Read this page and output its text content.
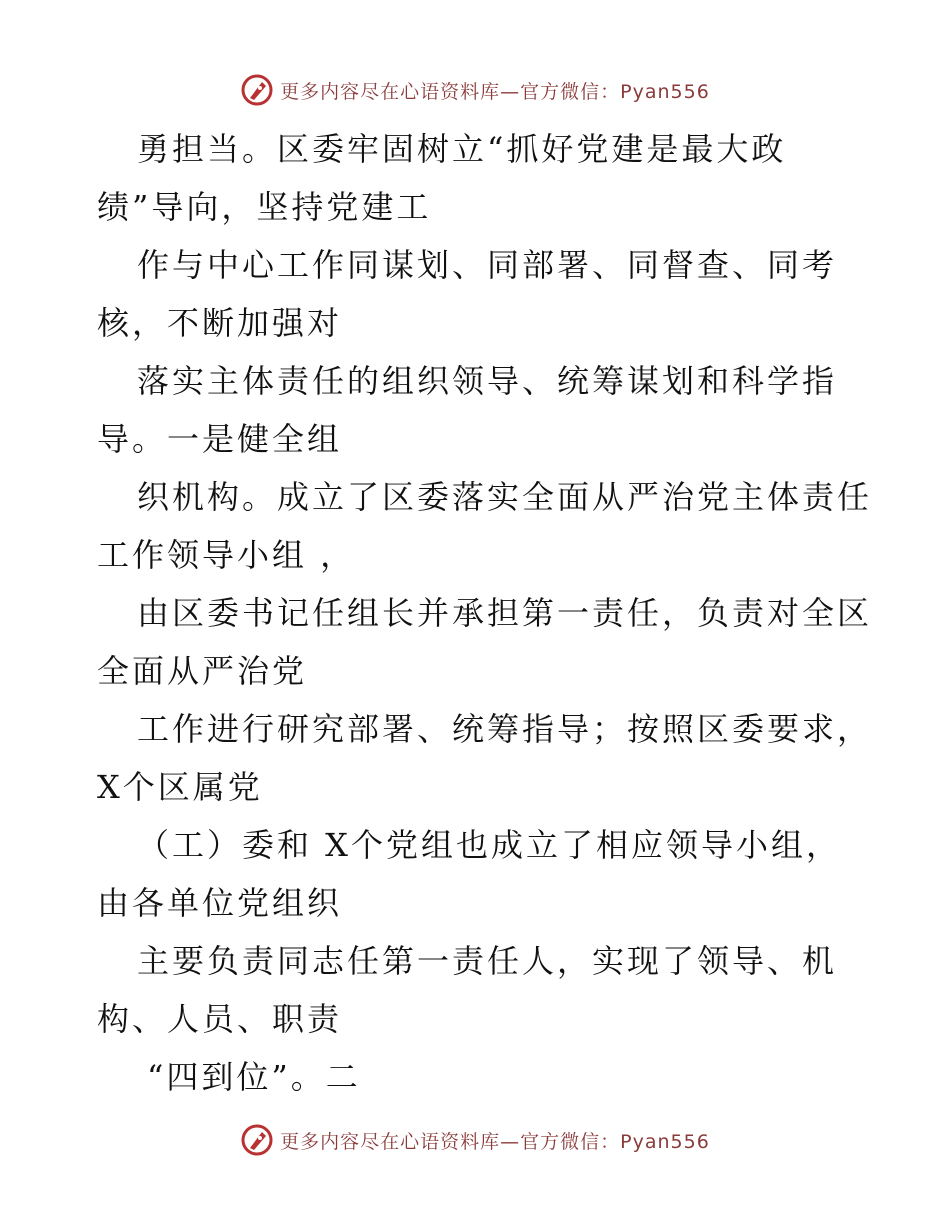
更多内容尽在心语资料库—官方微信：Pyan556
勇担当。区委牢固树立“抓好党建是最大政
绩”导向，坚持党建工
作与中心工作同谋划、同部署、同督查、同考
核，不断加强对
落实主体责任的组织领导、统筹谋划和科学指
导。一是健全组
织机构。成立了区委落实全面从严治党主体责任
工作领导小组 ，
由区委书记任组长并承担第一责任，负责对全区
全面从严治党
工作进行研究部署、统筹指导；按照区委要求，
X个区属党
（工）委和 X个党组也成立了相应领导小组，
由各单位党组织
主要负责同志任第一责任人，实现了领导、机
构、人员、职责
“四到位”。二
更多内容尽在心语资料库—官方微信：Pyan556
